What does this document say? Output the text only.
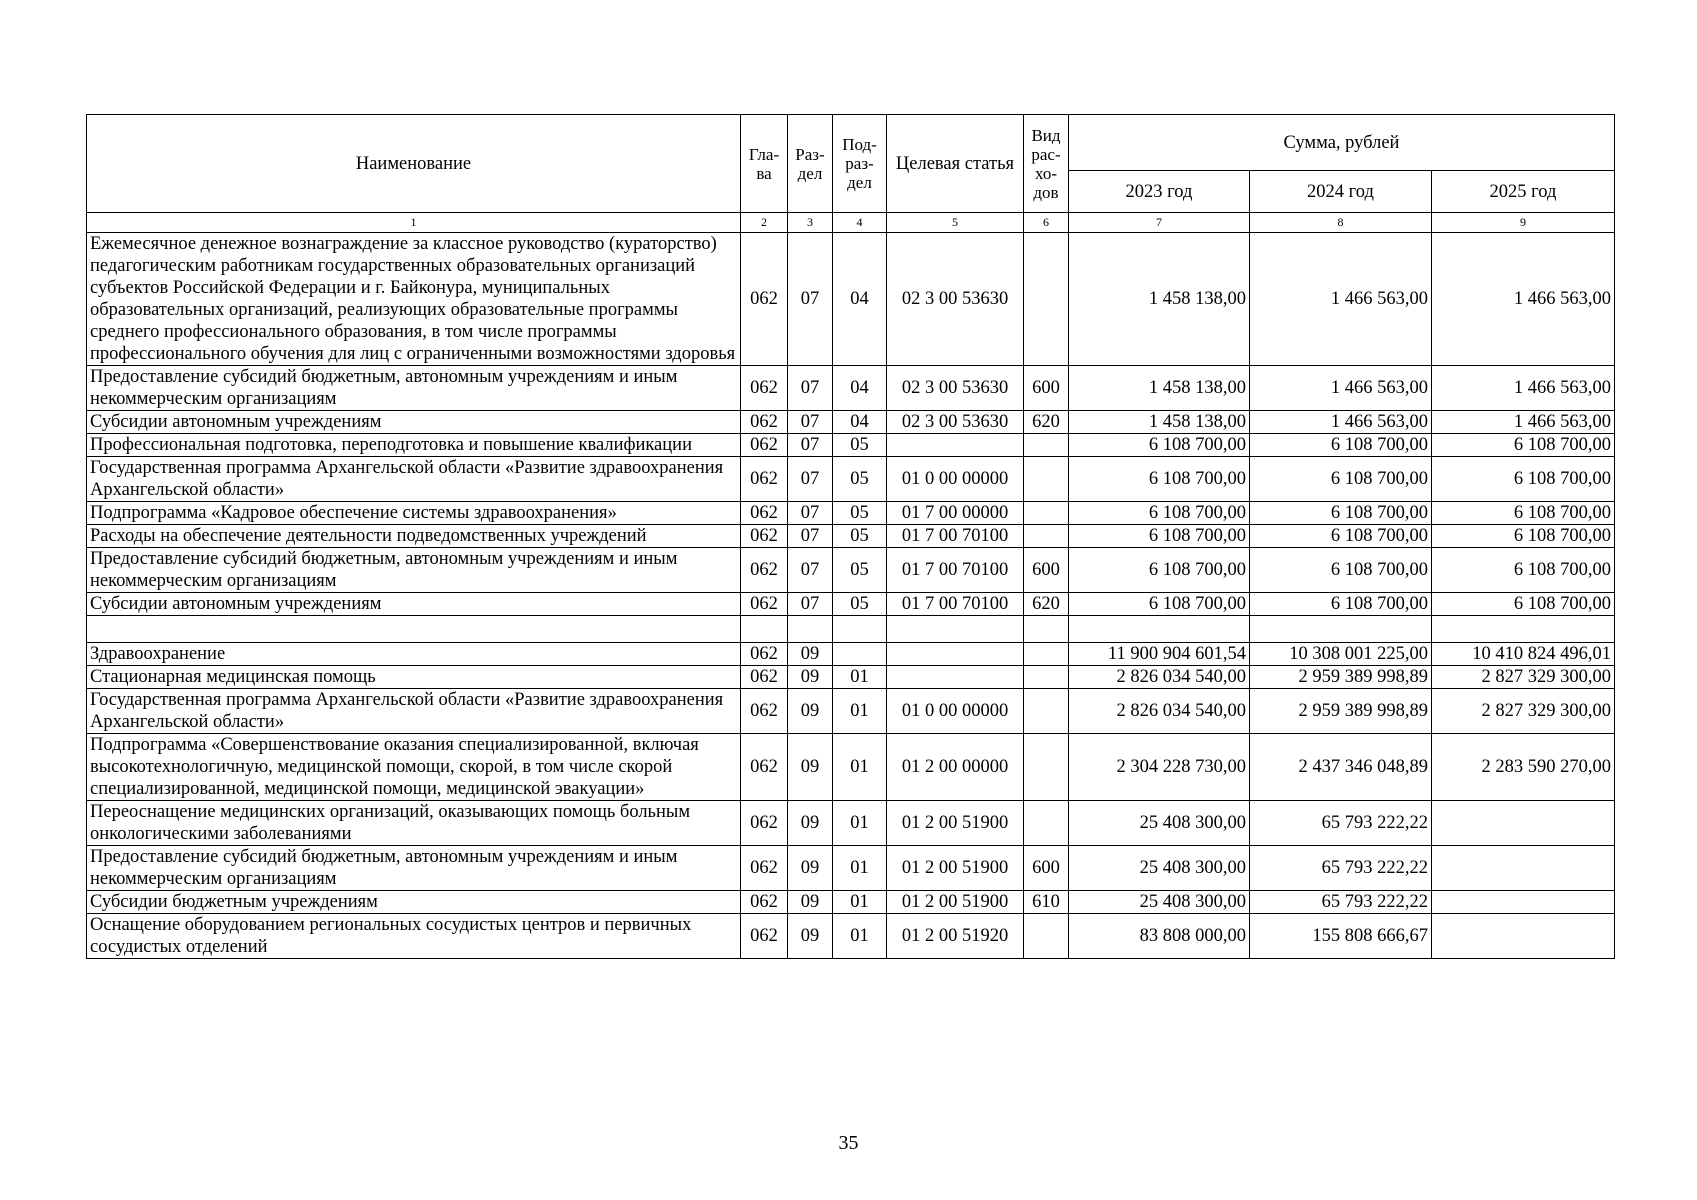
Наименование	Гла-ва	Раз-дел	Под-раз-дел	Целевая статья	Вид рас-хо-дов	Сумма, рублей		
						2023 год	2024 год	2025 год
1	2	3	4	5	6	7	8	9
Ежемесячное денежное вознаграждение за классное руководство (кураторство) педагогическим работникам государственных образовательных организаций субъектов Российской Федерации и г. Байконура, муниципальных образовательных организаций, реализующих образовательные программы среднего профессионального образования, в том числе программы профессионального обучения для лиц с ограниченными возможностями здоровья	062	07	04	02 3 00 53630		1 458 138,00	1 466 563,00	1 466 563,00
Предоставление субсидий бюджетным, автономным учреждениям и иным некоммерческим организациям	062	07	04	02 3 00 53630	600	1 458 138,00	1 466 563,00	1 466 563,00
Субсидии автономным учреждениям	062	07	04	02 3 00 53630	620	1 458 138,00	1 466 563,00	1 466 563,00
Профессиональная подготовка, переподготовка и повышение квалификации	062	07	05			6 108 700,00	6 108 700,00	6 108 700,00
Государственная программа Архангельской области «Развитие здравоохранения Архангельской области»	062	07	05	01 0 00 00000		6 108 700,00	6 108 700,00	6 108 700,00
Подпрограмма «Кадровое обеспечение системы здравоохранения»	062	07	05	01 7 00 00000		6 108 700,00	6 108 700,00	6 108 700,00
Расходы на обеспечение деятельности подведомственных учреждений	062	07	05	01 7 00 70100		6 108 700,00	6 108 700,00	6 108 700,00
Предоставление субсидий бюджетным, автономным учреждениям и иным некоммерческим организациям	062	07	05	01 7 00 70100	600	6 108 700,00	6 108 700,00	6 108 700,00
Субсидии автономным учреждениям	062	07	05	01 7 00 70100	620	6 108 700,00	6 108 700,00	6 108 700,00

Здравоохранение	062	09				11 900 904 601,54	10 308 001 225,00	10 410 824 496,01
Стационарная медицинская помощь	062	09	01			2 826 034 540,00	2 959 389 998,89	2 827 329 300,00
Государственная программа Архангельской области «Развитие здравоохранения Архангельской области»	062	09	01	01 0 00 00000		2 826 034 540,00	2 959 389 998,89	2 827 329 300,00
Подпрограмма «Совершенствование оказания специализированной, включая высокотехнологичную, медицинской помощи, скорой, в том числе скорой специализированной, медицинской помощи, медицинской эвакуации»	062	09	01	01 2 00 00000		2 304 228 730,00	2 437 346 048,89	2 283 590 270,00
Переоснащение медицинских организаций, оказывающих помощь больным онкологическими заболеваниями	062	09	01	01 2 00 51900		25 408 300,00	65 793 222,22	
Предоставление субсидий бюджетным, автономным учреждениям и иным некоммерческим организациям	062	09	01	01 2 00 51900	600	25 408 300,00	65 793 222,22	
Субсидии бюджетным учреждениям	062	09	01	01 2 00 51900	610	25 408 300,00	65 793 222,22	
Оснащение оборудованием региональных сосудистых центров и первичных сосудистых отделений	062	09	01	01 2 00 51920		83 808 000,00	155 808 666,67	
35
